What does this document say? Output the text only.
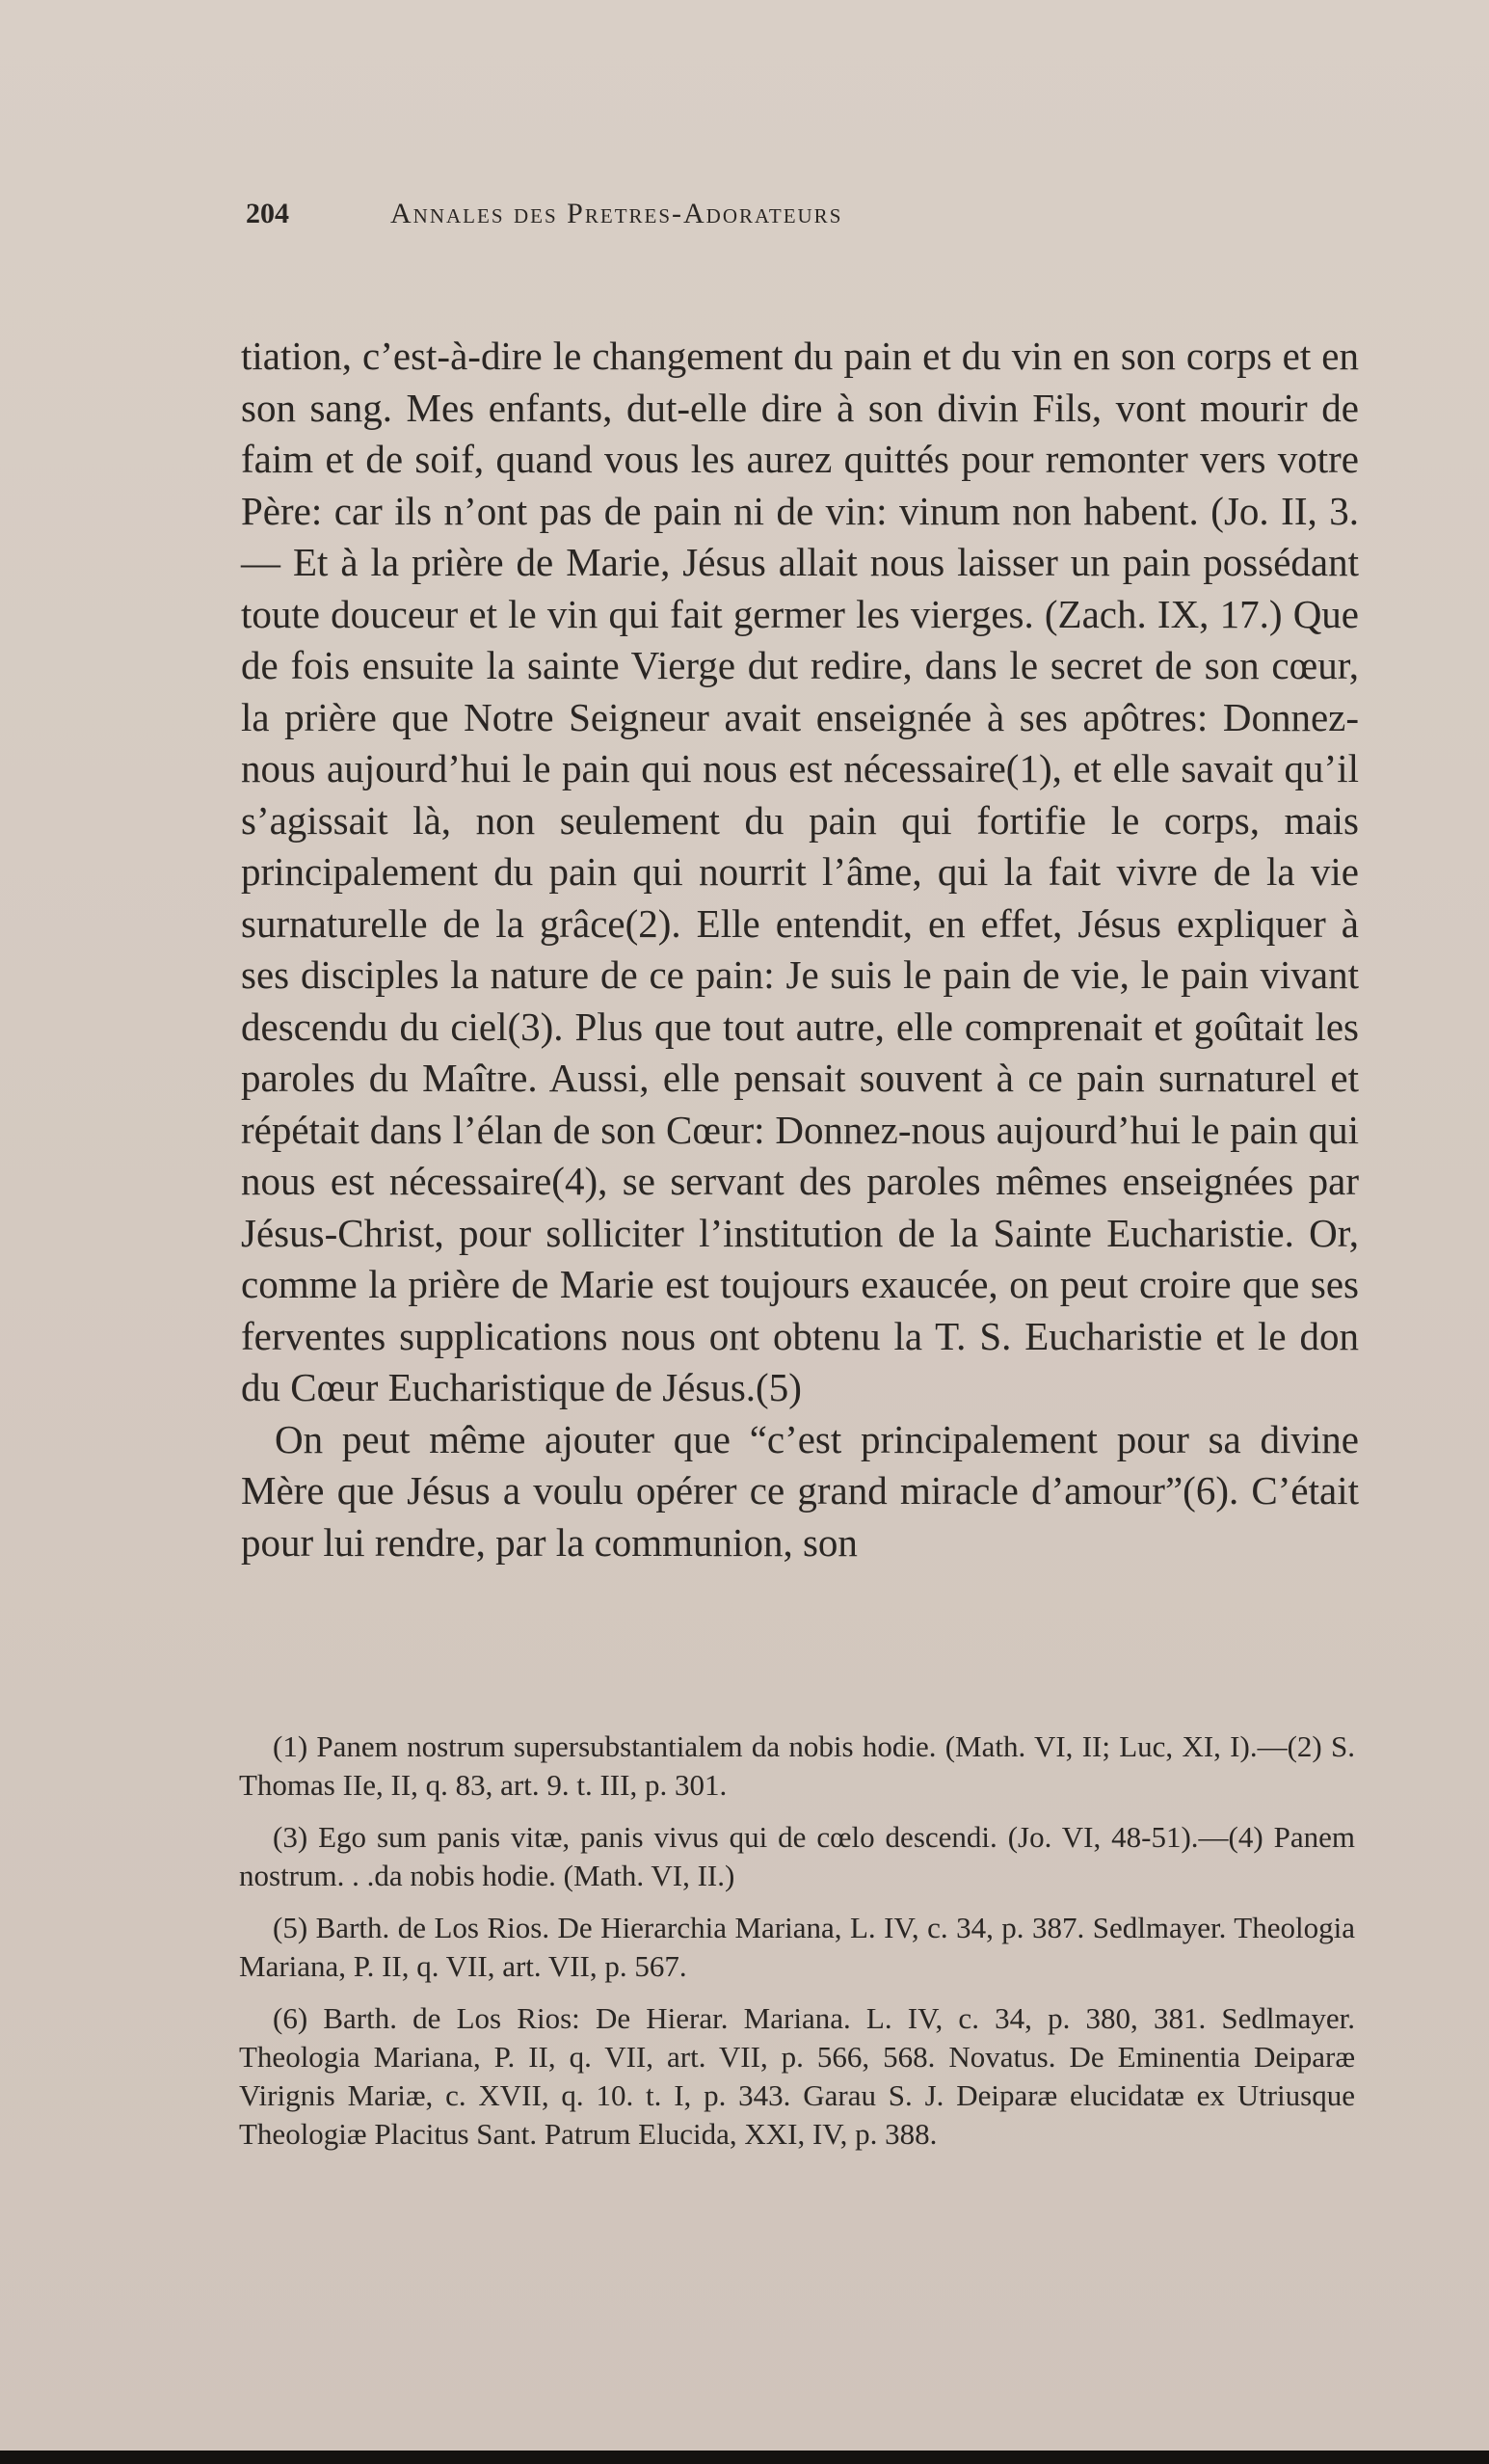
204	Annales des Pretres-Adorateurs

tiation, c’est-à-dire le changement du pain et du vin en son corps et en son sang. Mes enfants, dut-elle dire à son divin Fils, vont mourir de faim et de soif, quand vous les aurez quittés pour remonter vers votre Père: car ils n’ont pas de pain ni de vin: vinum non habent. (Jo. II, 3.— Et à la prière de Marie, Jésus allait nous laisser un pain possédant toute douceur et le vin qui fait germer les vierges. (Zach. IX, 17.) Que de fois ensuite la sainte Vierge dut redire, dans le secret de son cœur, la prière que Notre Seigneur avait enseignée à ses apôtres: Donnez-nous aujourd’hui le pain qui nous est nécessaire(1), et elle savait qu’il s’agissait là, non seulement du pain qui fortifie le corps, mais principalement du pain qui nourrit l’âme, qui la fait vivre de la vie surnaturelle de la grâce(2). Elle entendit, en effet, Jésus expliquer à ses disciples la nature de ce pain: Je suis le pain de vie, le pain vivant descendu du ciel(3). Plus que tout autre, elle comprenait et goûtait les paroles du Maître. Aussi, elle pensait souvent à ce pain surnaturel et répétait dans l’élan de son Cœur: Donnez-nous aujourd’hui le pain qui nous est nécessaire(4), se servant des paroles mêmes enseignées par Jésus-Christ, pour solliciter l’institution de la Sainte Eucharistie. Or, comme la prière de Marie est toujours exaucée, on peut croire que ses ferventes supplications nous ont obtenu la T. S. Eucharistie et le don du Cœur Eucharistique de Jésus.(5)

On peut même ajouter que “c’est principalement pour sa divine Mère que Jésus a voulu opérer ce grand miracle d’amour”(6). C’était pour lui rendre, par la communion, son

(1) Panem nostrum supersubstantialem da nobis hodie. (Math. VI, II; Luc, XI, I).—(2) S. Thomas IIe, II, q. 83, art. 9. t. III, p. 301.

(3) Ego sum panis vitæ, panis vivus qui de cœlo descendi. (Jo. VI, 48-51).—(4) Panem nostrum. . .da nobis hodie. (Math. VI, II.)

(5) Barth. de Los Rios. De Hierarchia Mariana, L. IV, c. 34, p. 387. Sedlmayer. Theologia Mariana, P. II, q. VII, art. VII, p. 567.

(6) Barth. de Los Rios: De Hierar. Mariana. L. IV, c. 34, p. 380, 381. Sedlmayer. Theologia Mariana, P. II, q. VII, art. VII, p. 566, 568. Novatus. De Eminentia Deiparæ Virignis Mariæ, c. XVII, q. 10. t. I, p. 343. Garau S. J. Deiparæ elucidatæ ex Utriusque Theologiæ Placitus Sant. Patrum Elucida, XXI, IV, p. 388.
